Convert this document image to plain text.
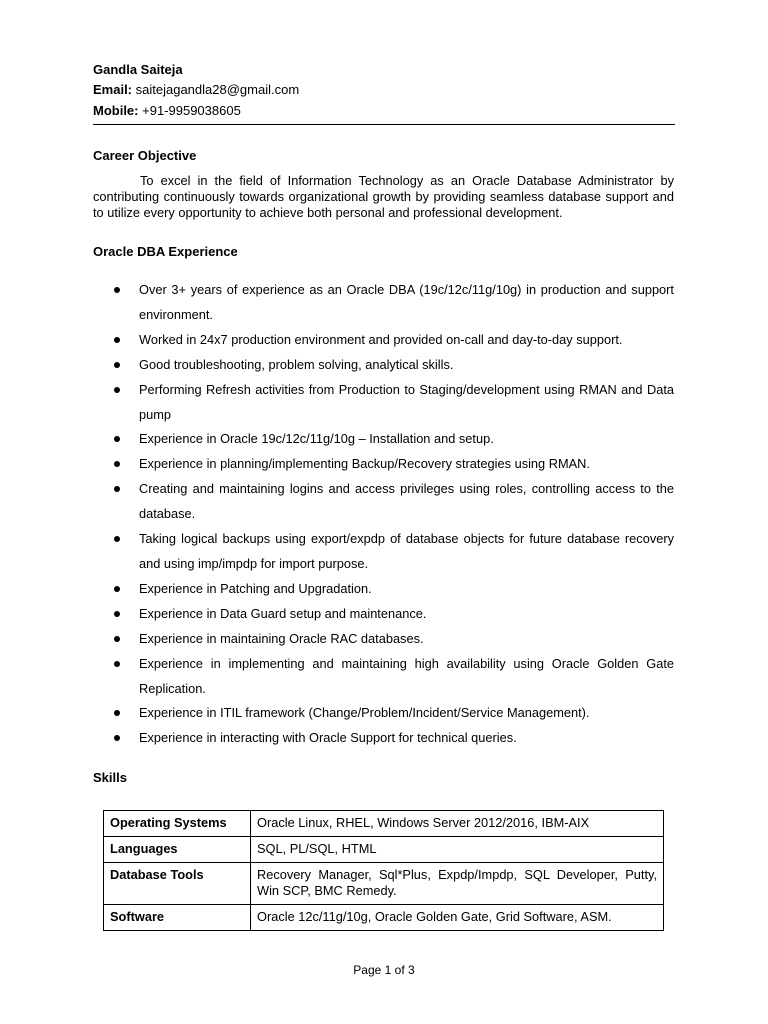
Gandla Saiteja
Email: saitejagandla28@gmail.com
Mobile: +91-9959038605
Career Objective
To excel in the field of Information Technology as an Oracle Database Administrator by contributing continuously towards organizational growth by providing seamless database support and to utilize every opportunity to achieve both personal and professional development.
Oracle DBA Experience
Over 3+ years of experience as an Oracle DBA (19c/12c/11g/10g) in production and support environment.
Worked in 24x7 production environment and provided on-call and day-to-day support.
Good troubleshooting, problem solving, analytical skills.
Performing Refresh activities from Production to Staging/development using RMAN and Data pump
Experience in Oracle 19c/12c/11g/10g – Installation and setup.
Experience in planning/implementing Backup/Recovery strategies using RMAN.
Creating and maintaining logins and access privileges using roles, controlling access to the database.
Taking logical backups using export/expdp of database objects for future database recovery and using imp/impdp for import purpose.
Experience in Patching and Upgradation.
Experience in Data Guard setup and maintenance.
Experience in maintaining Oracle RAC databases.
Experience in implementing and maintaining high availability using Oracle Golden Gate Replication.
Experience in ITIL framework (Change/Problem/Incident/Service Management).
Experience in interacting with Oracle Support for technical queries.
Skills
Operating Systems	Oracle Linux, RHEL, Windows Server 2012/2016, IBM-AIX
Languages	SQL, PL/SQL, HTML
Database Tools	Recovery Manager, Sql*Plus, Expdp/Impdp, SQL Developer, Putty, Win SCP, BMC Remedy.
Software	Oracle 12c/11g/10g, Oracle Golden Gate, Grid Software, ASM.
Page 1 of 3
